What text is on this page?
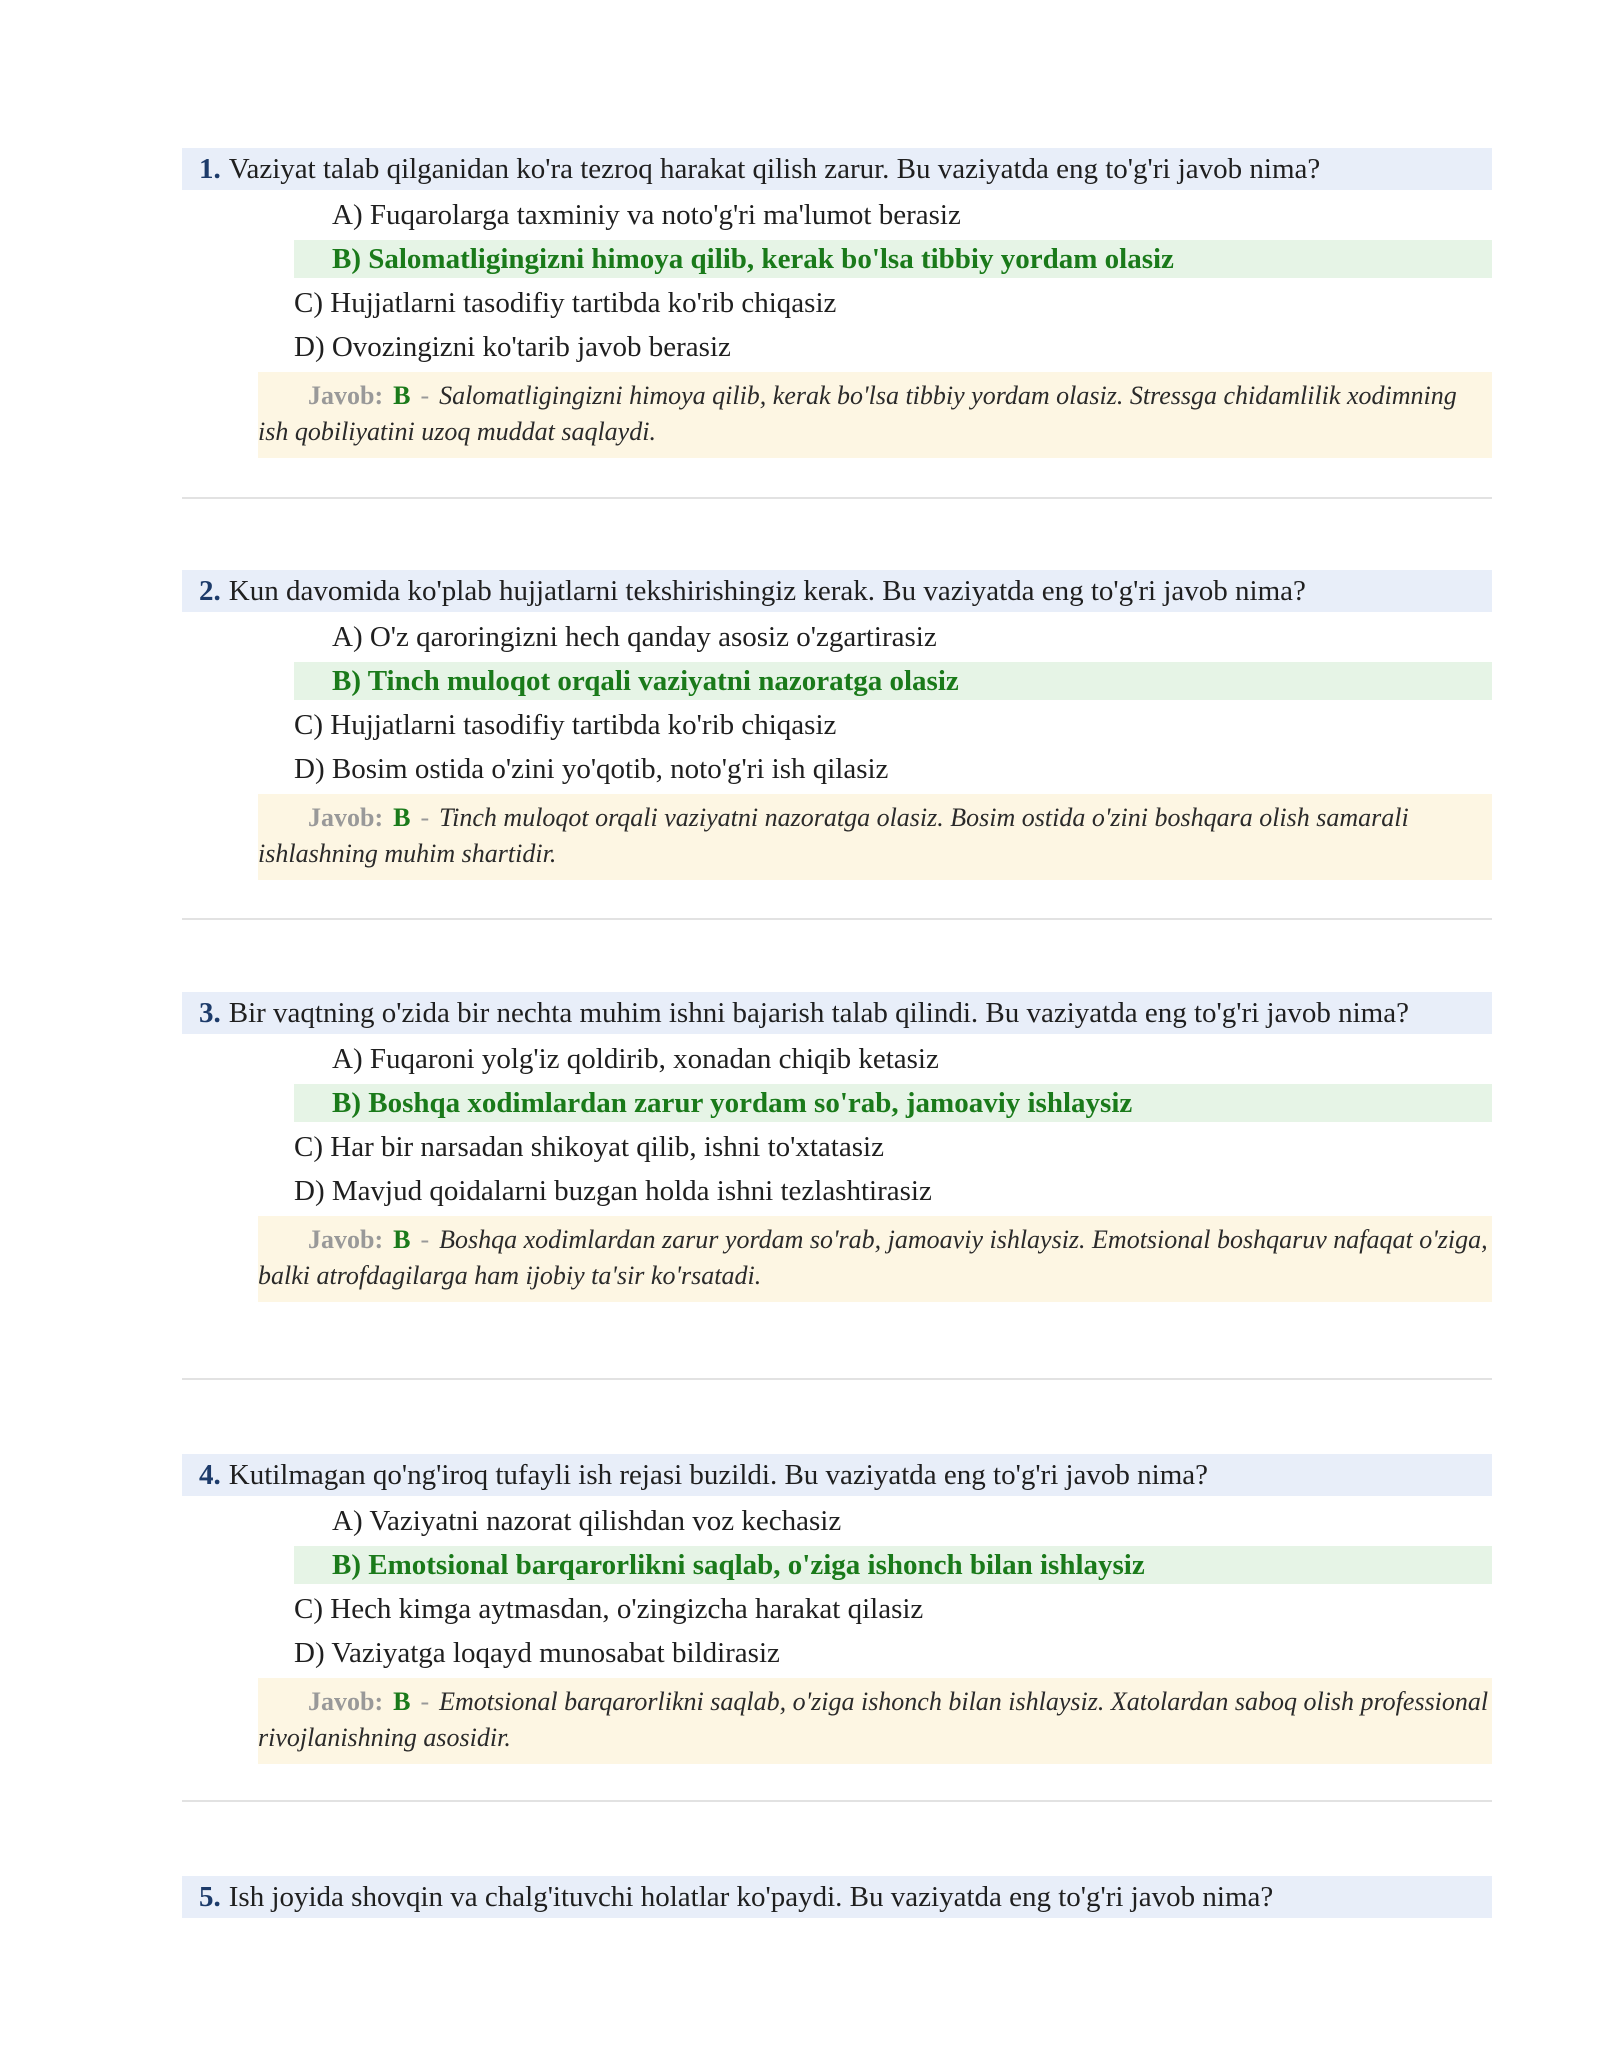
1. Vaziyat talab qilganidan ko'ra tezroq harakat qilish zarur. Bu vaziyatda eng to'g'ri javob nima?
A) Fuqarolarga taxminiy va noto'g'ri ma'lumot berasiz
B) Salomatligingizni himoya qilib, kerak bo'lsa tibbiy yordam olasiz
C) Hujjatlarni tasodifiy tartibda ko'rib chiqasiz
D) Ovozingizni ko'tarib javob berasiz
Javob: B - Salomatligingizni himoya qilib, kerak bo'lsa tibbiy yordam olasiz. Stressga chidamlilik xodimning ish qobiliyatini uzoq muddat saqlaydi.
2. Kun davomida ko'plab hujjatlarni tekshirishingiz kerak. Bu vaziyatda eng to'g'ri javob nima?
A) O'z qaroringizni hech qanday asosiz o'zgartirasiz
B) Tinch muloqot orqali vaziyatni nazoratga olasiz
C) Hujjatlarni tasodifiy tartibda ko'rib chiqasiz
D) Bosim ostida o'zini yo'qotib, noto'g'ri ish qilasiz
Javob: B - Tinch muloqot orqali vaziyatni nazoratga olasiz. Bosim ostida o'zini boshqara olish samarali ishlashning muhim shartidir.
3. Bir vaqtning o'zida bir nechta muhim ishni bajarish talab qilindi. Bu vaziyatda eng to'g'ri javob nima?
A) Fuqaroni yolg'iz qoldirib, xonadan chiqib ketasiz
B) Boshqa xodimlardan zarur yordam so'rab, jamoaviy ishlaysiz
C) Har bir narsadan shikoyat qilib, ishni to'xtatasiz
D) Mavjud qoidalarni buzgan holda ishni tezlashtirasiz
Javob: B - Boshqa xodimlardan zarur yordam so'rab, jamoaviy ishlaysiz. Emotsional boshqaruv nafaqat o'ziga, balki atrofdagilarga ham ijobiy ta'sir ko'rsatadi.
4. Kutilmagan qo'ng'iroq tufayli ish rejasi buzildi. Bu vaziyatda eng to'g'ri javob nima?
A) Vaziyatni nazorat qilishdan voz kechasiz
B) Emotsional barqarorlikni saqlab, o'ziga ishonch bilan ishlaysiz
C) Hech kimga aytmasdan, o'zingizcha harakat qilasiz
D) Vaziyatga loqayd munosabat bildirasiz
Javob: B - Emotsional barqarorlikni saqlab, o'ziga ishonch bilan ishlaysiz. Xatolardan saboq olish professional rivojlanishning asosidir.
5. Ish joyida shovqin va chalg'ituvchi holatlar ko'paydi. Bu vaziyatda eng to'g'ri javob nima?
